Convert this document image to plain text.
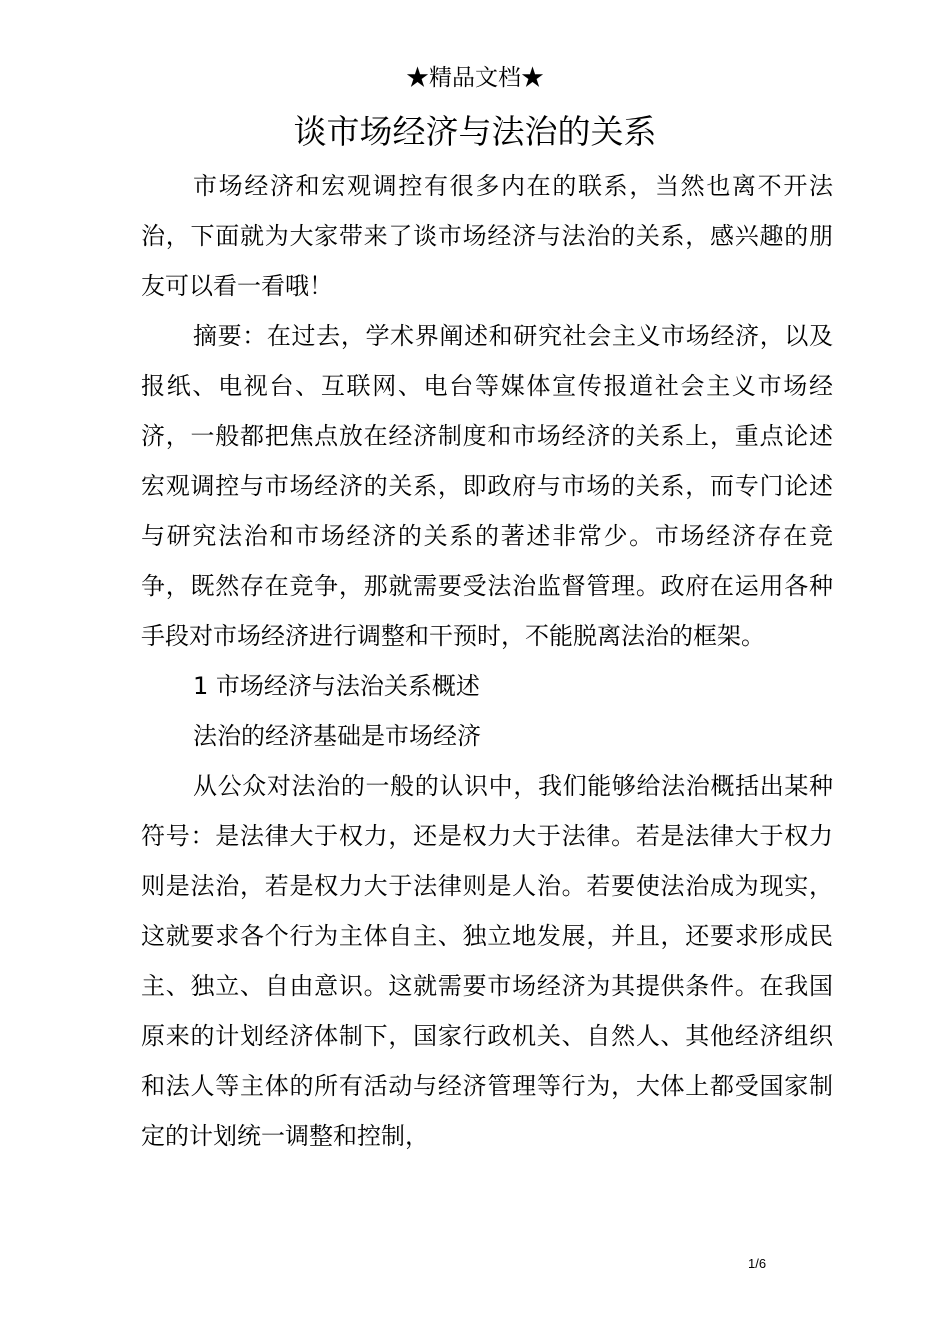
★精品文档★
谈市场经济与法治的关系

市场经济和宏观调控有很多内在的联系，当然也离不开法治，下面就为大家带来了谈市场经济与法治的关系，感兴趣的朋友可以看一看哦！

摘要：在过去，学术界阐述和研究社会主义市场经济，以及报纸、电视台、互联网、电台等媒体宣传报道社会主义市场经济，一般都把焦点放在经济制度和市场经济的关系上，重点论述宏观调控与市场经济的关系，即政府与市场的关系，而专门论述与研究法治和市场经济的关系的著述非常少。市场经济存在竞争，既然存在竞争，那就需要受法治监督管理。政府在运用各种手段对市场经济进行调整和干预时，不能脱离法治的框架。

1 市场经济与法治关系概述

法治的经济基础是市场经济

从公众对法治的一般的认识中，我们能够给法治概括出某种符号：是法律大于权力，还是权力大于法律。若是法律大于权力则是法治，若是权力大于法律则是人治。若要使法治成为现实，这就要求各个行为主体自主、独立地发展，并且，还要求形成民主、独立、自由意识。这就需要市场经济为其提供条件。在我国原来的计划经济体制下，国家行政机关、自然人、其他经济组织和法人等主体的所有活动与经济管理等行为，大体上都受国家制定的计划统一调整和控制，

1/6
